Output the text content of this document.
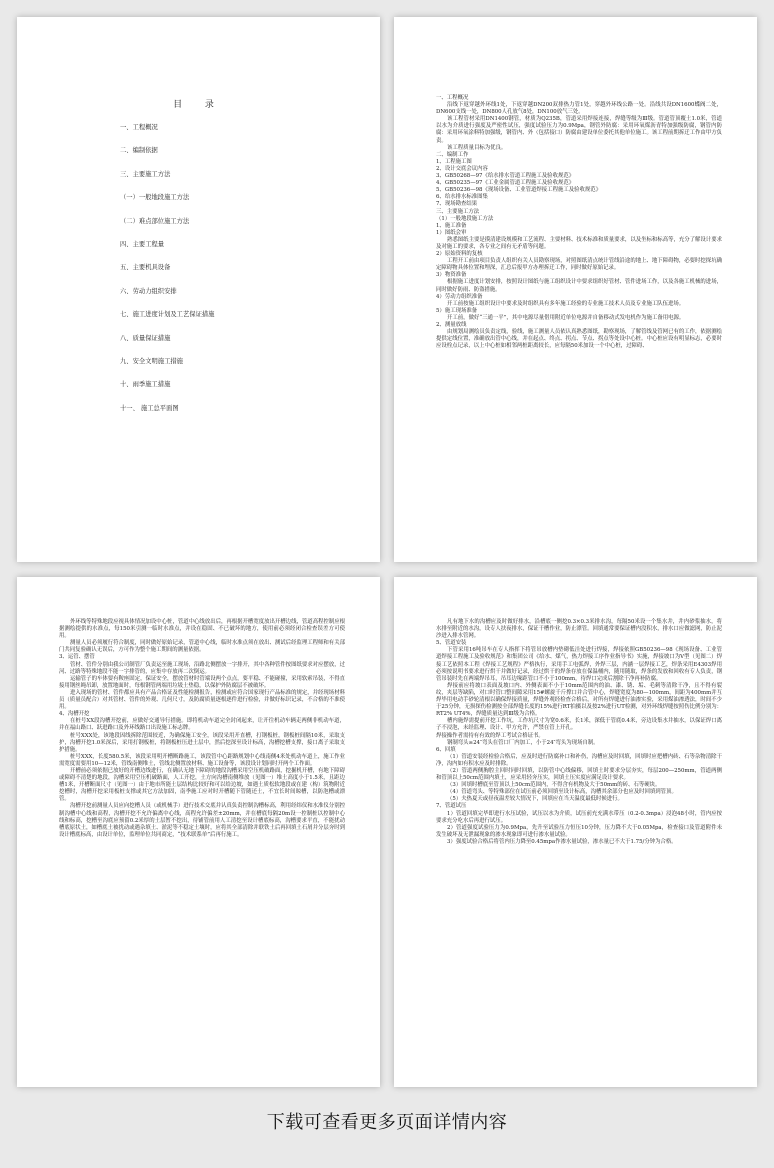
目 录
一、工程概况
二、编制依据
三、主要施工方法
（一）一般地段施工方法
（二）难点部位施工方法
四、主要工程量
五、主要机具设备
六、劳动力组织安排
七、施工进度计划及工艺保证措施
八、质量保证措施
九、安全文明施工措施
十、雨季施工措施
十一、 施工总平面图

一、工程概况

沿线下返穿越外环线1处，下返穿越DN200双排热力管1处，穿越外环线公路一处。沿线共设DN1600蝶阀二处，DN600支线一处，DN800人孔放气8处，DN100放气三处。

该工程管材采用DN1400钢管，材质为Q235B，管道采用焊接连接，焊缝等级为Ⅲ级。管道管顶覆土1.0米，管道以水为介质进行强度及严密性试压，强度试验压力为0.9Mpa，钢管外防腐：采用环氧煤沥青特加强级防腐，钢管内防腐：采用环氧涂料特加强级，钢管内、外（包括接口）防腐由建设单位委托其他单位施工。该工程前期拆迁工作由甲方负责。

该工程质量目标为优良。

二、编制工作

1、工程施工图

2、设计交底会议内容

3、GB50268—97《给水排水管道工程施工及验收规范》

4、GB50235—97《工业金属管道工程施工及验收规范》

5、GB50236—98《现场设备、工业管道焊接工程施工及验收规范》

6、给水排水标准图集

7、现场勘查结果

三、主要施工方法

（1）一般地段施工方法

1、施工准备

1）图纸会审

熟悉图纸主要是摸清建设规模和工艺流程、主要材料、技术标准和质量要求，以及坐标和标高等，充分了解设计要求及对施工的要求，各专业之间有无矛盾等问题。

2）原始资料的复核

工程开工前由项目负责人组织有关人员勘察现场，对照图纸清点统计管线沿途的地上、地下障碍物，必要时挖探坑确定障碍物具体位置和埋深，汇总后报甲方办理拆迁工作，同时做好原始记录。

3）物资准备

根据施工进度计划安排，按照设计图纸与施工组织设计中要求组织好管材、管件进场工作，以及各施工机械的进场，同时做好防雨、防盗措施。

4）劳动力组织准备

开工前按施工组织设计中要求及时组织具有多年施工经验的专业施工技术人员及专业施工队伍进场。

5）施工现场准备

开工前，做好“三通一平”，其中电源尽量借用附近单位电源并自备移动式发电机作为施工备用电源。

2、测量放线

由规划局测绘员负责定线，验线，施工测量人员依认真熟悉图纸，勘察现场，了解管线及管网已有的工作，依据测绘提供定线位置，准确放出管中心线，并在起点、终点、拐点、节点、拐点等处设中心桩。中心桩应设有明显标志，必要时应设栓点记录，以上中心桩如相邻两桩距离较长，应每隔50米加设一个中心桩，过障碍、

外环线等特殊地段应视具体情况加设中心桩，管道中心线放出后，再根据开槽宽度放出开槽边线，管道高程控制应根据测绘提供的水准点，每150米引测一临时水准点，并设在稳固、不已破坏的地方，使用前必须经闭合检查误差方可使用。

测量人员必须履行符合制度，同时做好原始记录，管道中心线，临时水准点须在放出、测试后经监理工程师和有关部门共同复验确认无误后，方可作为整个施工期间的测量依据。

3、运管、摆管

管材、管件分别由我公司制管厂负责运至施工现场，沿路北侧摆放一字排开，其中各种管件按图纸要求对应摆放，过河、过路等特殊地段不能一字排管的，应集中存放再二次倒运。

运输管子的车体要有鞍座固定，保证安全，摆放管材时管端设两个点点，要平稳、不能碰撞，采用软索吊装，不得直接用钢丝绳吊卸，放置地面时，每根钢管两端用垃圾土垫稳，以保护外防腐层不被破坏。

进入现场的管材、管件都应具有产品合格证及性能检测报告，检测或应符合国家现行产品标准的规定，并经现场材料员（质量员配合）对其管材、管件的外观、几何尺寸，及防腐质量逐根逐件进行检验，并做好标识记录，不合格的不准使用。

4、沟槽开挖

在桩号XX段沟槽开挖前，应做好交通导行措施。即将机动车道完全封闭起来，让开往机动车辆走两侧非机动车道，并在福山路口、跃进路口及外环线路口出设施工标志牌。

桩号XXX处，该地段因线拆除范围较近，为确保施工安全，该段采用开直槽，打钢板桩，钢板桩间隔10米，采取支护，沟槽开挖1.0米深后，采用打钢板桩，将钢板桩压进土层中，然后挖深至设计标高，沟槽挖槽支撑，接口离子采取支护措施。

桩号XXX，长度580.5米，该段采用明开槽断路施工，该段管中心距路规划中心线南侧4米处机动车道上，施工作业需宽度需要用10—12米，管线南侧堆土，管线北侧置放材料、施工设备等，该段设计划同时开两个工作面。

开槽前必须依据已放好的开槽边线进行，在确认无地下障碍的地段沟槽采用空压机破路面，挖掘机开槽，有地下障碍或障碍不清楚的地段，沟槽采用空压机破路面，人工开挖，土方向沟槽南侧堆放（见图一）堆土高度小于1.5米，且距边槽1米，开槽断面尺寸（见图一）由于地市所能土层结构比较好和可以给边坡，如遇土质松软地段或在建（构）筑物附近挖槽时，沟槽开挖采用板桩支撑或其它方法加固，南季施工应对时开槽随下管随还土，不宜长时间晾槽，以防泡槽或漂管。

沟槽开挖前测量人员应向挖槽人员（或机械手）进行技术交底并认真负责控制沟槽标高，利用经纬仪和水准仪分别控制沟槽中心线和高程，沟槽开挖不允许偏离中心线，高程允许偏差±20mm，并在槽底每隔20m设一控制桩以控制中心线和标高，挖槽至沟底应预留0.2米厚的土层暂不挖出，待铺管前用人工清挖至设计槽底标高，沟槽要求平直，不能扰动槽底原状土，如槽底土被扰动或遇杂填土、淤泥等不稳定土壤时，应将其全部清除并联铁土后再回填土石屑并分层夯时到设计槽底标高，由设计单位，监理单位共同商定，“技术联系单”后再行施工。

凡有地下水的沟槽应及时做好排水，沿槽底一侧挖0.3×0.3米排水沟，每隔50米设一个集水井，井内砂浆抽水，将水排至附近的水沟，设专人扶夜排水，保证干槽作业，防止漂管。回填通常要保证槽内没积水，排水口应做滤网，防止泥沙进入排水管网。

5、管道安装

下管采用16吨吊车在专人指挥下将管吊放槽内垫砌低洼处进行焊接，焊接依照GB50236—98《现场设备、工业管道焊接工程施工及验收规范》和集团公司《给水、煤气，热力焊接工序作业指导书》实施，焊接坡口为V型（见图二）焊接工艺依照本工程《焊接工艺规程》严格执行，采用手工电弧焊，外焊三层，内涵一层焊接工艺，焊条采用E4303焊用必须按说明书要求进行烘干并做好记录，经过烘干的焊条存放在保温桶内，随用随取，焊条的发放和回收有专人负责，钢管吊装时先在两端焊吊耳，吊耳边缘距管口不小于100mm，待焊口完成后割除干净再补防腐。

焊接前应将坡口表面及坡口内、外侧表面不小于10mm范围内的油、漆、锈、垢、毛刺等清除干净，且不得有裂纹，夹层等缺陷，对口时管口整间隙采用15#螺旋千斤撑口并合管中心，焊缝宽度为80—100mm，间距为400mm并互焊毕用电动手砂轮清根以确保焊接质量，焊缝外观经检查合格后，对所有焊缝进行油渗实验，采用煤油渗透法，时间不少于25分钟，无损探伤检测按全部焊缝长度的15%进行RT拍摄以及按2%进行UT检测，对外环线焊缝按照伤比例分别为：RT2% UT4%，焊缝质量达到Ⅲ级为合格。

槽内施焊需提前开挖工作坑，工作坑尺寸为宽0.6米，长1米，深低于管底0.4米，旁边设集水井抽水，以保证焊口离子不浸泡，未经监理、设计、甲方允许，严禁在管上开孔。

焊接操作者需持有有效的焊工考试合格证书。

钢制弯头≥24″弯头在管口厂内加工，小于24″弯头为现场自制。

6、回填

（1）管道安装经检验合格后，应及时进行防腐补口和补伤，沟槽应及时回填，回填时应把槽内砖、石等杂物清除干净，沟内如有积水应及时排除。

（2）管道两侧胸腔主回时同时回填，以防管中心线偏移，回填土时要求分层夯实，每层200—250mm，管道两侧和管顶以上50cm范围内填土，应采用轻夯压实，回填土压实度应满足设计要求。

（3）回填时槽底至管顶以上50cm范围内，不得含有机物及大于50mm的砖、石等硬块。

（4）管道弯头、等特殊部位在试压前必须回填至设计标高，沟槽其余部分也应及时回填到管顶。

（5）夫热夏天或昼夜温差较大情况下，回填应在当天温度最低时候进行。

7、管道试压

1）管道回填完毕即进行水压试验，试压以水为介质，试压前充充满水带压（0.2-0.3mpa）浸泡48小时，管内应按要求充分吃水后再进行试压。

2）管道强度试验压力为0.9Mpa，先升至试验压力恒压10分钟，压力降不大于0.05Mpa，检查接口及管道附件未发生破坏及无泄漏现象的渗水现象即可进行渗水量试验。

3）强度试验合格后将管内压力降至0.45mpa作渗水量试验，渗水量已不大于1.75/分钟为合格。

下载可查看更多页面详情内容
